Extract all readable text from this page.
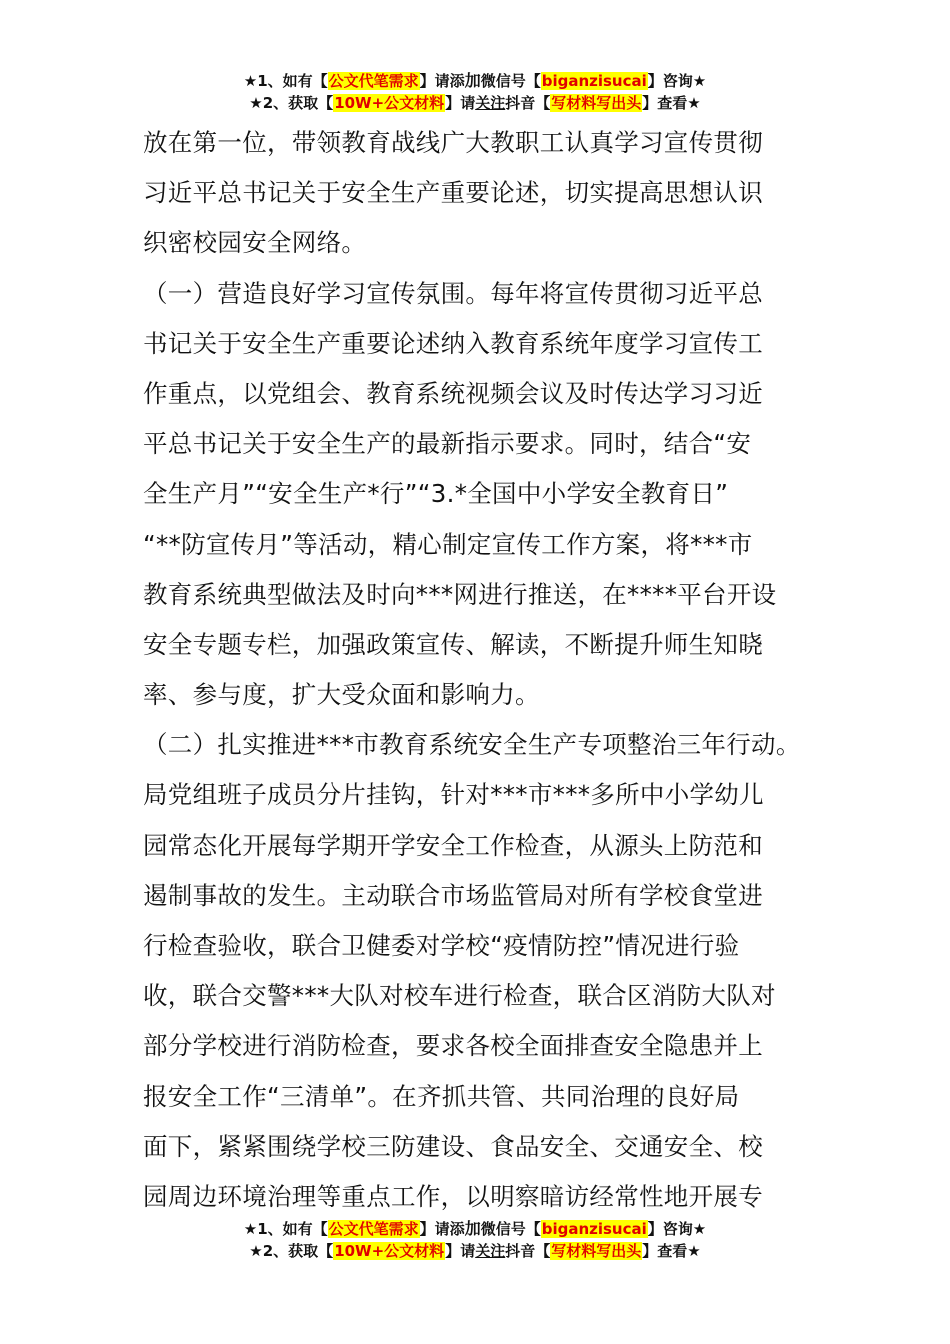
★1、如有【公文代笔需求】请添加微信号【biganzisucai】咨询★
★2、获取【10W+公文材料】请关注抖音【写材料写出头】查看★
放在第一位，带领教育战线广大教职工认真学习宣传贯彻
习近平总书记关于安全生产重要论述，切实提高思想认识
织密校园安全网络。
（一）营造良好学习宣传氛围。每年将宣传贯彻习近平总
书记关于安全生产重要论述纳入教育系统年度学习宣传工
作重点，以党组会、教育系统视频会议及时传达学习习近
平总书记关于安全生产的最新指示要求。同时，结合“安
全生产月”“安全生产*行”“3.*全国中小学安全教育日”
“**防宣传月”等活动，精心制定宣传工作方案，将***市
教育系统典型做法及时向***网进行推送，在****平台开设
安全专题专栏，加强政策宣传、解读，不断提升师生知晓
率、参与度，扩大受众面和影响力。
（二）扎实推进***市教育系统安全生产专项整治三年行动。
局党组班子成员分片挂钩，针对***市***多所中小学幼儿
园常态化开展每学期开学安全工作检查，从源头上防范和
遏制事故的发生。主动联合市场监管局对所有学校食堂进
行检查验收，联合卫健委对学校“疫情防控”情况进行验
收，联合交警***大队对校车进行检查，联合区消防大队对
部分学校进行消防检查，要求各校全面排查安全隐患并上
报安全工作“三清单”。在齐抓共管、共同治理的良好局
面下，紧紧围绕学校三防建设、食品安全、交通安全、校
园周边环境治理等重点工作，以明察暗访经常性地开展专
★1、如有【公文代笔需求】请添加微信号【biganzisucai】咨询★
★2、获取【10W+公文材料】请关注抖音【写材料写出头】查看★
